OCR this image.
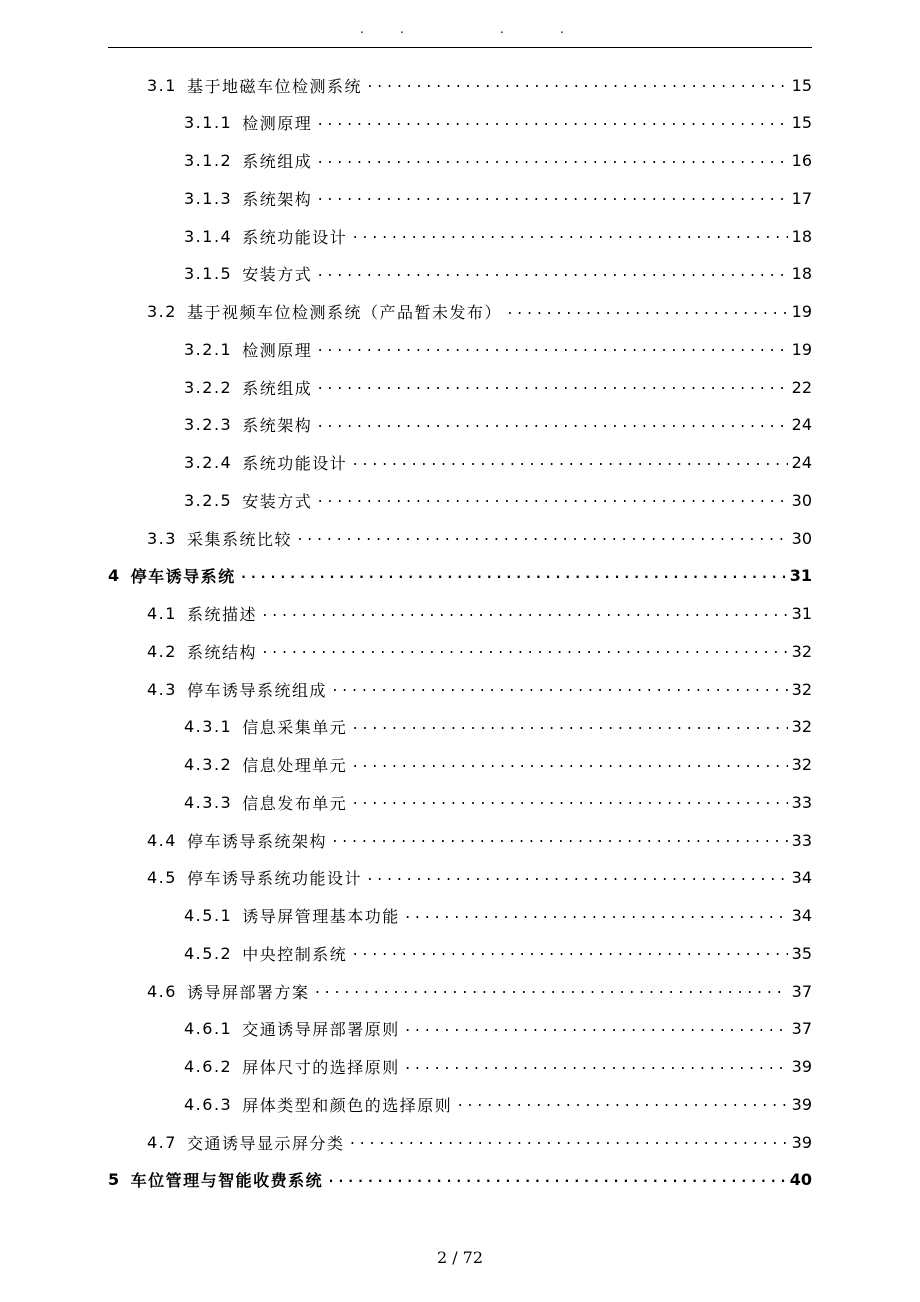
.	.	.	.
3.1 基于地磁车位检测系统 .....	15
3.1.1 检测原理 .....	15
3.1.2 系统组成 .....	16
3.1.3 系统架构 .....	17
3.1.4 系统功能设计 .....	18
3.1.5 安装方式 .....	18
3.2 基于视频车位检测系统（产品暂未发布） .....	19
3.2.1 检测原理 .....	19
3.2.2 系统组成 .....	22
3.2.3 系统架构 .....	24
3.2.4 系统功能设计 .....	24
3.2.5 安装方式 .....	30
3.3 采集系统比较 .....	30
4 停车诱导系统 .....	31
4.1 系统描述 .....	31
4.2 系统结构 .....	32
4.3 停车诱导系统组成 .....	32
4.3.1 信息采集单元 .....	32
4.3.2 信息处理单元 .....	32
4.3.3 信息发布单元 .....	33
4.4 停车诱导系统架构 .....	33
4.5 停车诱导系统功能设计 .....	34
4.5.1 诱导屏管理基本功能 .....	34
4.5.2 中央控制系统 .....	35
4.6 诱导屏部署方案 .....	37
4.6.1 交通诱导屏部署原则 .....	37
4.6.2 屏体尺寸的选择原则 .....	39
4.6.3 屏体类型和颜色的选择原则 .....	39
4.7 交通诱导显示屏分类 .....	39
5 车位管理与智能收费系统 .....	40
2 / 72
